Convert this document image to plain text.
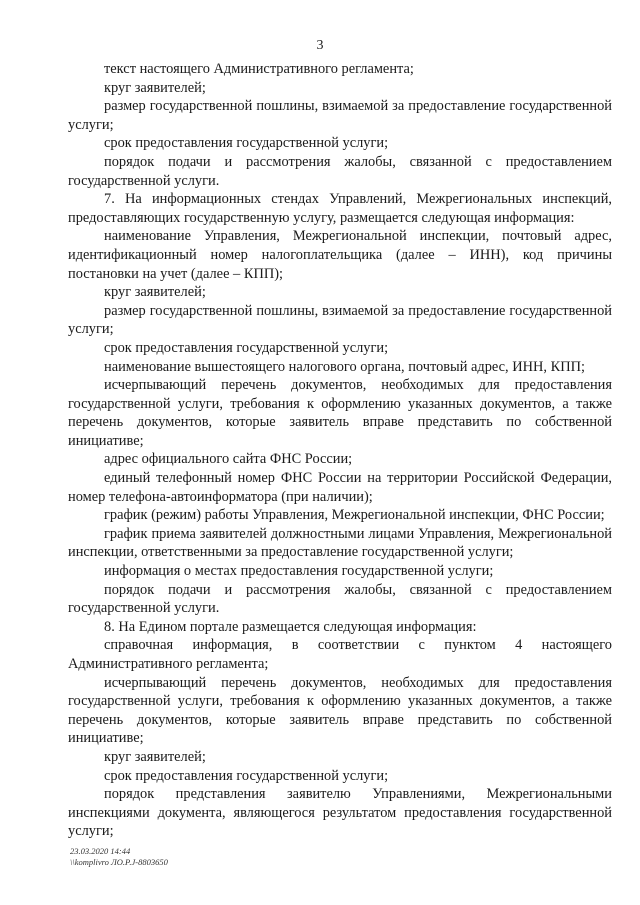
3

текст настоящего Административного регламента;

круг заявителей;

размер государственной пошлины, взимаемой за предоставление государственной услуги;

срок предоставления государственной услуги;

порядок подачи и рассмотрения жалобы, связанной с предоставлением государственной услуги.

7. На информационных стендах Управлений, Межрегиональных инспекций, предоставляющих государственную услугу, размещается следующая информация:

наименование Управления, Межрегиональной инспекции, почтовый адрес, идентификационный номер налогоплательщика (далее – ИНН), код причины постановки на учет (далее – КПП);

круг заявителей;

размер государственной пошлины, взимаемой за предоставление государственной услуги;

срок предоставления государственной услуги;

наименование вышестоящего налогового органа, почтовый адрес, ИНН, КПП;

исчерпывающий перечень документов, необходимых для предоставления государственной услуги, требования к оформлению указанных документов, а также перечень документов, которые заявитель вправе представить по собственной инициативе;

адрес официального сайта ФНС России;

единый телефонный номер ФНС России на территории Российской Федерации, номер телефона-автоинформатора (при наличии);

график (режим) работы Управления, Межрегиональной инспекции, ФНС России;

график приема заявителей должностными лицами Управления, Межрегиональной инспекции, ответственными за предоставление государственной услуги;

информация о местах предоставления государственной услуги;

порядок подачи и рассмотрения жалобы, связанной с предоставлением государственной услуги.

8. На Едином портале размещается следующая информация:

справочная информация, в соответствии с пунктом 4 настоящего Административного регламента;

исчерпывающий перечень документов, необходимых для предоставления государственной услуги, требования к оформлению указанных документов, а также перечень документов, которые заявитель вправе представить по собственной инициативе;

круг заявителей;

срок предоставления государственной услуги;

порядок представления заявителю Управлениями, Межрегиональными инспекциями документа, являющегося результатом предоставления государственной услуги;

23.03.2020 14:44
\\komplivro ЛО.Р.J-8803650
